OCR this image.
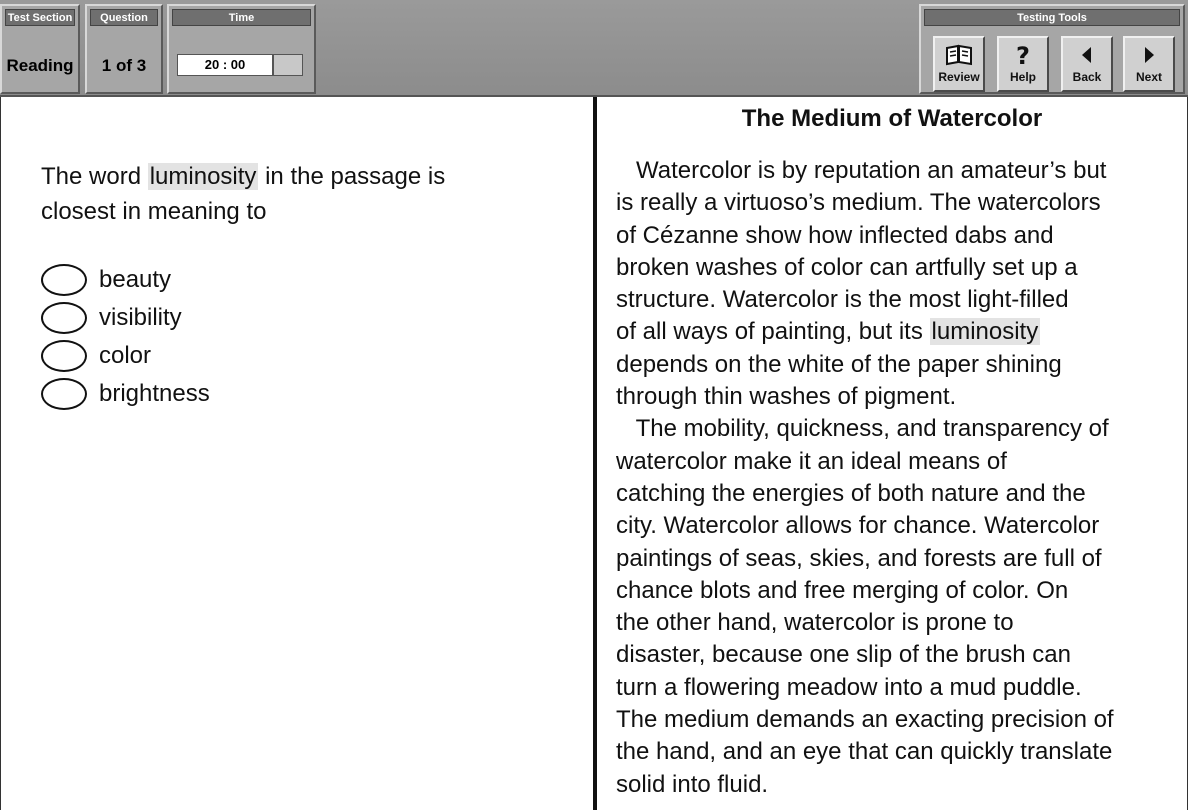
Test Section
Reading
Question
1 of 3
Time
20 : 00
Testing Tools
Review
?
Help	Back	Next
The word luminosity in the passage is
closest in meaning to
beauty
visibility
color
brightness
The Medium of Watercolor
Watercolor is by reputation an amateur’s but
is really a virtuoso’s medium. The watercolors
of Cézanne show how inflected dabs and
broken washes of color can artfully set up a
structure. Watercolor is the most light-filled
of all ways of painting, but its luminosity
depends on the white of the paper shining
through thin washes of pigment.
The mobility, quickness, and transparency of
watercolor make it an ideal means of
catching the energies of both nature and the
city. Watercolor allows for chance. Watercolor
paintings of seas, skies, and forests are full of
chance blots and free merging of color. On
the other hand, watercolor is prone to
disaster, because one slip of the brush can
turn a flowering meadow into a mud puddle.
The medium demands an exacting precision of
the hand, and an eye that can quickly translate
solid into fluid.
